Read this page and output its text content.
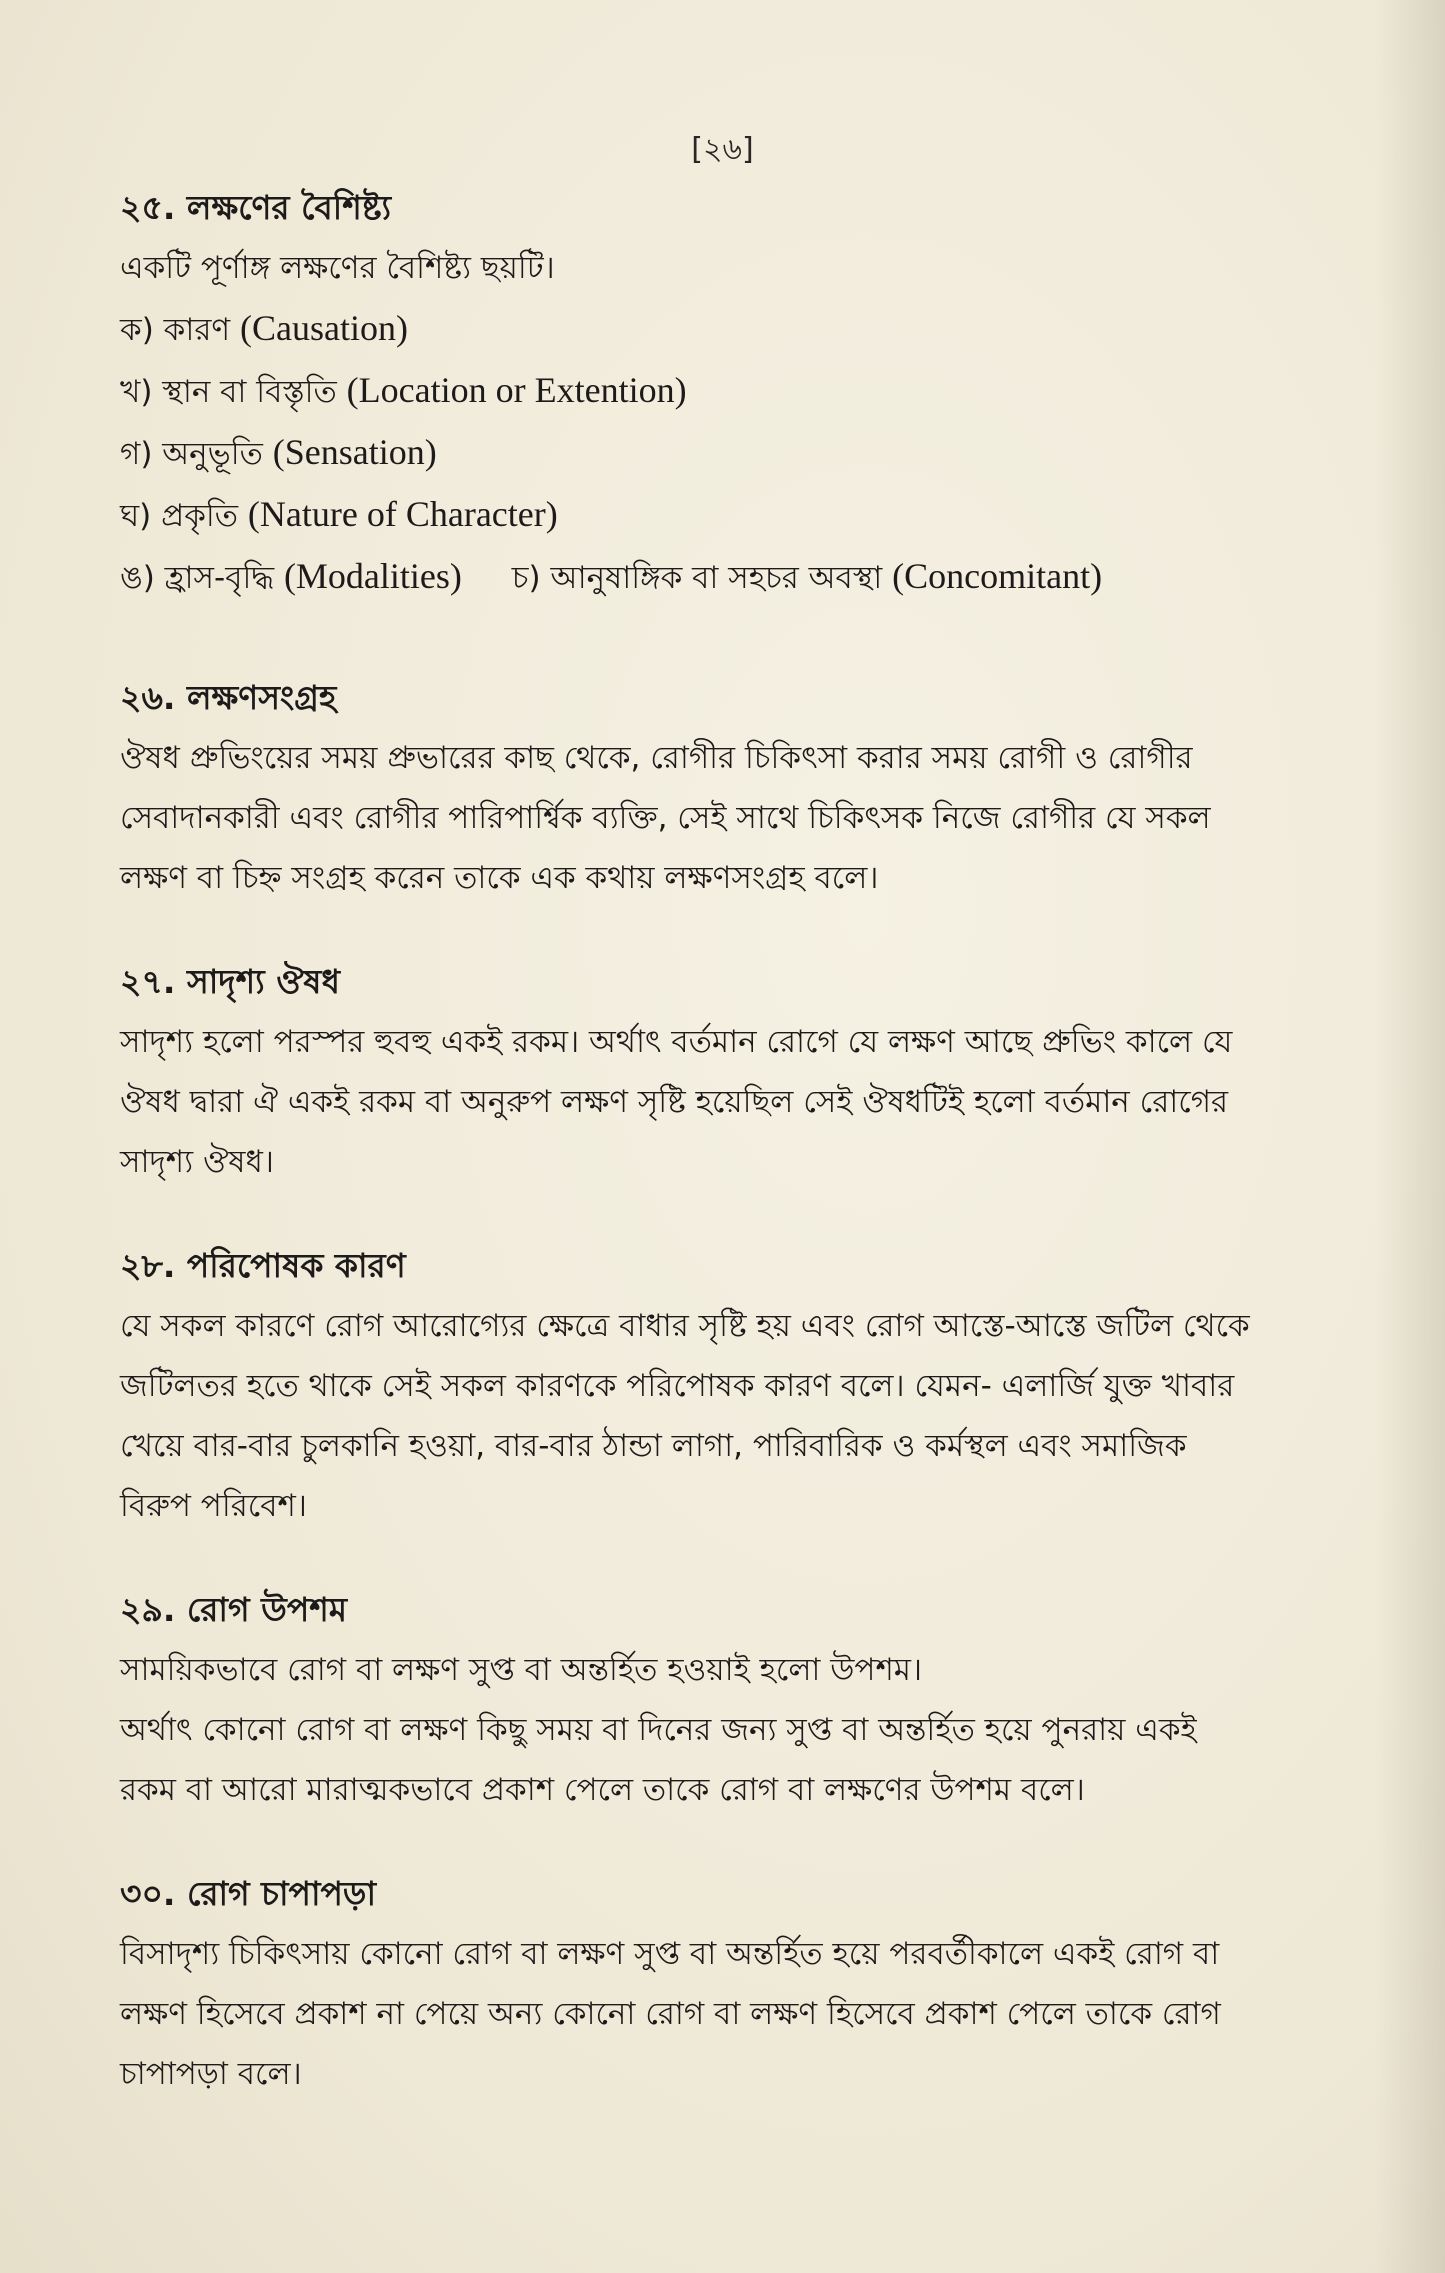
[২৬]

২৫. লক্ষণের বৈশিষ্ট্য

একটি পূর্ণাঙ্গ লক্ষণের বৈশিষ্ট্য ছয়টি।

ক) কারণ (Causation)

খ) স্থান বা বিস্তৃতি (Location or Extention)

গ) অনুভূতি (Sensation)

ঘ) প্রকৃতি (Nature of Character)

ঙ) হ্রাস-বৃদ্ধি (Modalities) চ) আনুষাঙ্গিক বা সহচর অবস্থা (Concomitant)

২৬. লক্ষণসংগ্রহ

ঔষধ প্রুভিংয়ের সময় প্রুভারের কাছ থেকে, রোগীর চিকিৎসা করার সময় রোগী ও রোগীর

সেবাদানকারী এবং রোগীর পারিপার্শ্বিক ব্যক্তি, সেই সাথে চিকিৎসক নিজে রোগীর যে সকল

লক্ষণ বা চিহ্ন সংগ্রহ করেন তাকে এক কথায় লক্ষণসংগ্রহ বলে।

২৭. সাদৃশ্য ঔষধ

সাদৃশ্য হলো পরস্পর হুবহু একই রকম। অর্থাৎ বর্তমান রোগে যে লক্ষণ আছে প্রুভিং কালে যে

ঔষধ দ্বারা ঐ একই রকম বা অনুরুপ লক্ষণ সৃষ্টি হয়েছিল সেই ঔষধটিই হলো বর্তমান রোগের

সাদৃশ্য ঔষধ।

২৮. পরিপোষক কারণ

যে সকল কারণে রোগ আরোগ্যের ক্ষেত্রে বাধার সৃষ্টি হয় এবং রোগ আস্তে-আস্তে জটিল থেকে

জটিলতর হতে থাকে সেই সকল কারণকে পরিপোষক কারণ বলে। যেমন- এলার্জি যুক্ত খাবার

খেয়ে বার-বার চুলকানি হওয়া, বার-বার ঠান্ডা লাগা, পারিবারিক ও কর্মস্থল এবং সমাজিক

বিরুপ পরিবেশ।

২৯. রোগ উপশম

সাময়িকভাবে রোগ বা লক্ষণ সুপ্ত বা অন্তর্হিত হওয়াই হলো উপশম।

অর্থাৎ কোনো রোগ বা লক্ষণ কিছু সময় বা দিনের জন্য সুপ্ত বা অন্তর্হিত হয়ে পুনরায় একই

রকম বা আরো মারাত্মকভাবে প্রকাশ পেলে তাকে রোগ বা লক্ষণের উপশম বলে।

৩০. রোগ চাপাপড়া

বিসাদৃশ্য চিকিৎসায় কোনো রোগ বা লক্ষণ সুপ্ত বা অন্তর্হিত হয়ে পরবর্তীকালে একই রোগ বা

লক্ষণ হিসেবে প্রকাশ না পেয়ে অন্য কোনো রোগ বা লক্ষণ হিসেবে প্রকাশ পেলে তাকে রোগ

চাপাপড়া বলে।
